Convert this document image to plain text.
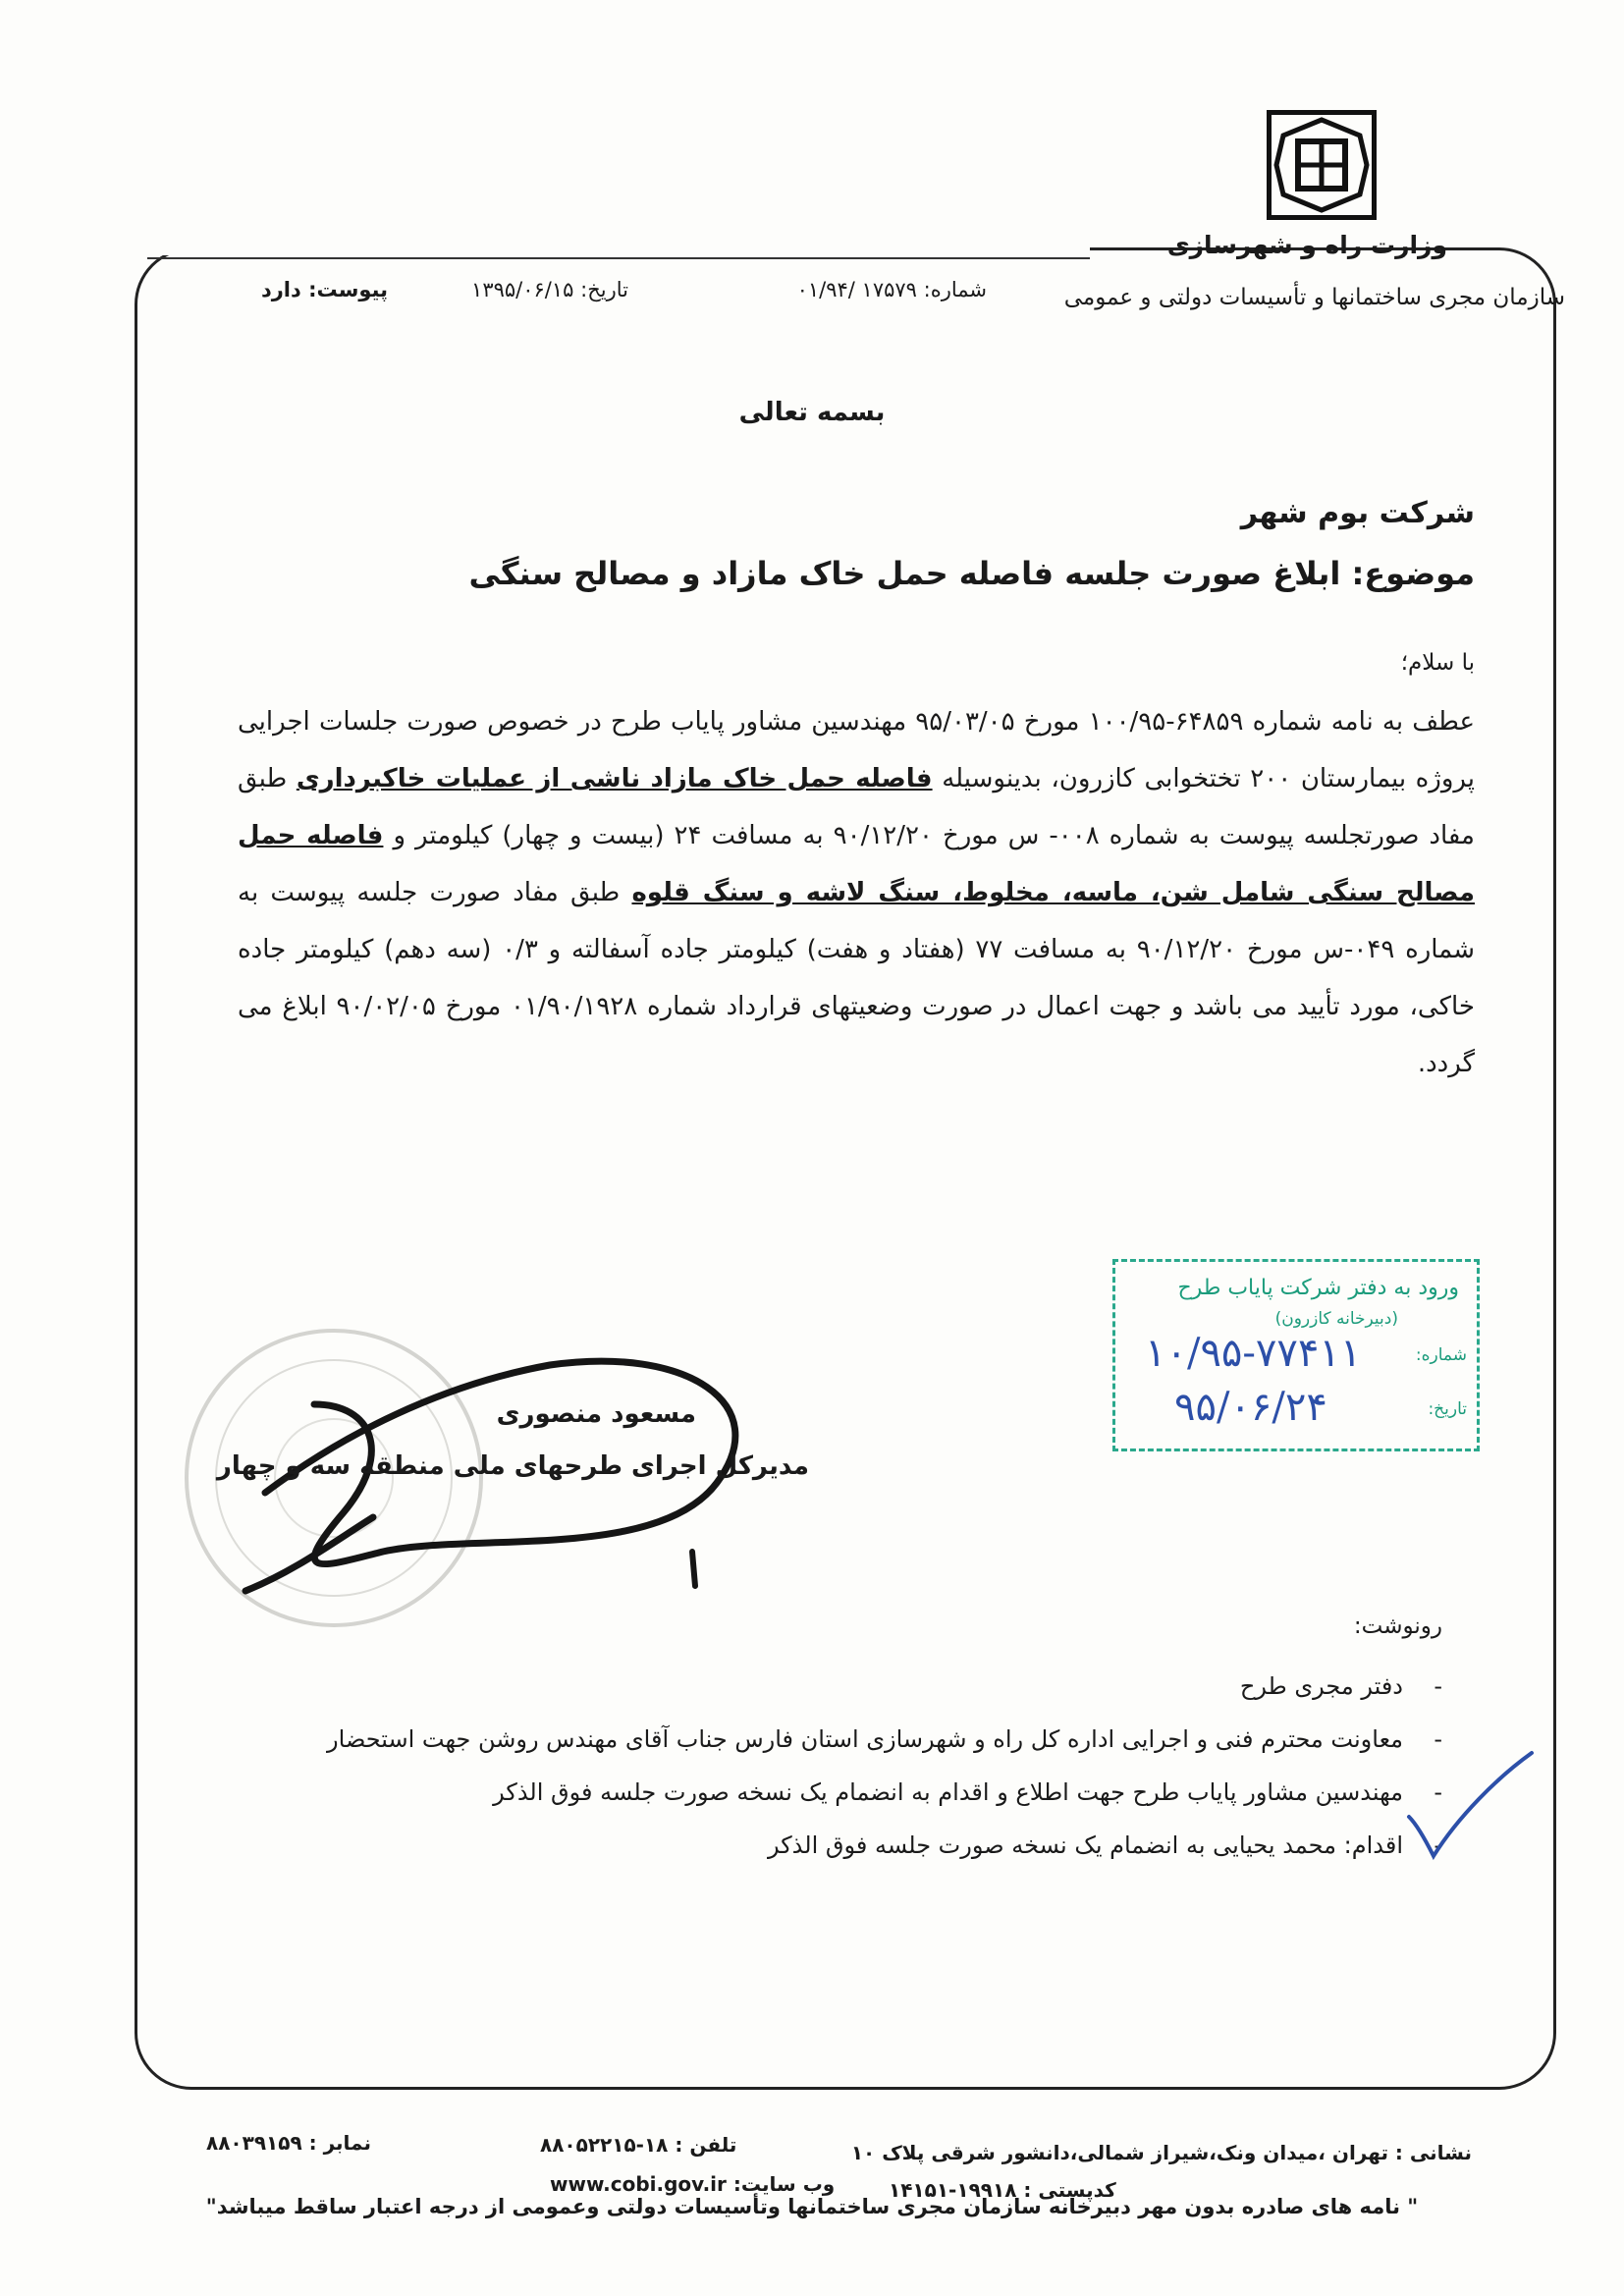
وزارت راه و شهرسازی
سازمان مجری ساختمانها و تأسیسات دولتی و عمومی
شماره: ۱۷۵۷۹ /۰۱/۹۴
تاریخ: ۱۳۹۵/۰۶/۱۵
پیوست: دارد
بسمه تعالی
شرکت بوم شهر
موضوع: ابلاغ صورت جلسه فاصله حمل خاک مازاد و مصالح سنگی
با سلام؛
عطف به نامه شماره ۶۴۸۵۹-۱۰۰/۹۵ مورخ ۹۵/۰۳/۰۵ مهندسین مشاور پایاب طرح در خصوص صورت جلسات اجرایی پروژه بیمارستان ۲۰۰ تختخوابی کازرون، بدینوسیله فاصله حمل خاک مازاد ناشی از عملیات خاکبرداری طبق مفاد صورتجلسه پیوست به شماره ۰۰۸- س مورخ ۹۰/۱۲/۲۰ به مسافت ۲۴ (بیست و چهار) کیلومتر و فاصله حمل مصالح سنگی شامل شن، ماسه، مخلوط، سنگ لاشه و سنگ قلوه طبق مفاد صورت جلسه پیوست به شماره ۰۴۹-س مورخ ۹۰/۱۲/۲۰ به مسافت ۷۷ (هفتاد و هفت) کیلومتر جاده آسفالته و ۰/۳ (سه دهم) کیلومتر جاده خاکی، مورد تأیید می باشد و جهت اعمال در صورت وضعیتهای قرارداد شماره ۰۱/۹۰/۱۹۲۸ مورخ ۹۰/۰۲/۰۵ ابلاغ می گردد.
ورود به دفتر شرکت پایاب طرح
(دبیرخانه کازرون)
شماره:
۱۰/۹۵-۷۷۴۱۱
تاریخ:
۹۵/۰۶/۲۴
مسعود منصوری
مدیرکل اجرای طرحهای ملی منطقه سه و چهار
رونوشت:
-
دفتر مجری طرح
-
معاونت محترم فنی و اجرایی اداره کل راه و شهرسازی استان فارس جناب آقای مهندس روشن جهت استحضار
-
مهندسین مشاور پایاب طرح جهت اطلاع و اقدام به انضمام یک نسخه صورت جلسه فوق الذکر
-
اقدام: محمد یحیایی به انضمام یک نسخه صورت جلسه فوق الذکر
نشانی : تهران ،میدان ونک،شیراز شمالی،دانشور شرقی پلاک ۱۰
تلفن : ۱۸-۸۸۰۵۲۲۱۵
نمابر : ۸۸۰۳۹۱۵۹
کدپستی : ۱۹۹۱۸-۱۴۱۵۱
وب سایت: www.cobi.gov.ir
" نامه های صادره بدون مهر دبیرخانه سازمان مجری ساختمانها وتأسیسات دولتی وعمومی از درجه اعتبار ساقط میباشد"
